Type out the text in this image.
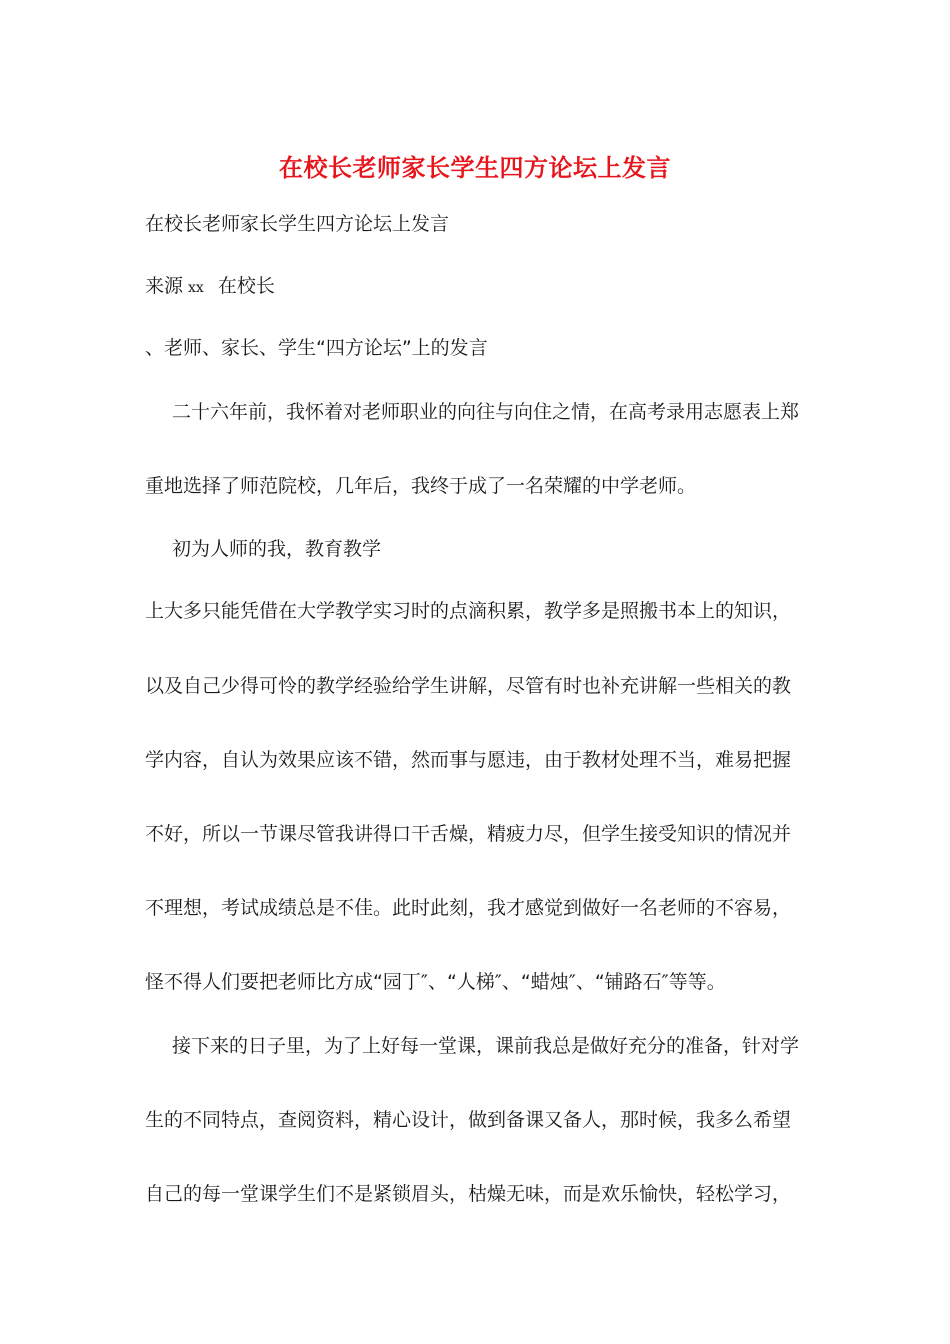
在校长老师家长学生四方论坛上发言
在校长老师家长学生四方论坛上发言
来源 xx 在校长
、老师、家长、学生“四方论坛”上的发言
二十六年前，我怀着对老师职业的向往与向住之情，在高考录用志愿表上郑
重地选择了师范院校，几年后，我终于成了一名荣耀的中学老师。
初为人师的我，教育教学
上大多只能凭借在大学教学实习时的点滴积累，教学多是照搬书本上的知识，
以及自己少得可怜的教学经验给学生讲解，尽管有时也补充讲解一些相关的教
学内容，自认为效果应该不错，然而事与愿违，由于教材处理不当，难易把握
不好，所以一节课尽管我讲得口干舌燥，精疲力尽，但学生接受知识的情况并
不理想，考试成绩总是不佳。此时此刻，我才感觉到做好一名老师的不容易，
怪不得人们要把老师比方成“园丁″、“人梯″、“蜡烛″、“铺路石″等等。
接下来的日子里，为了上好每一堂课，课前我总是做好充分的准备，针对学
生的不同特点，查阅资料，精心设计，做到备课又备人，那时候，我多么希望
自己的每一堂课学生们不是紧锁眉头，枯燥无味，而是欢乐愉快，轻松学习，
